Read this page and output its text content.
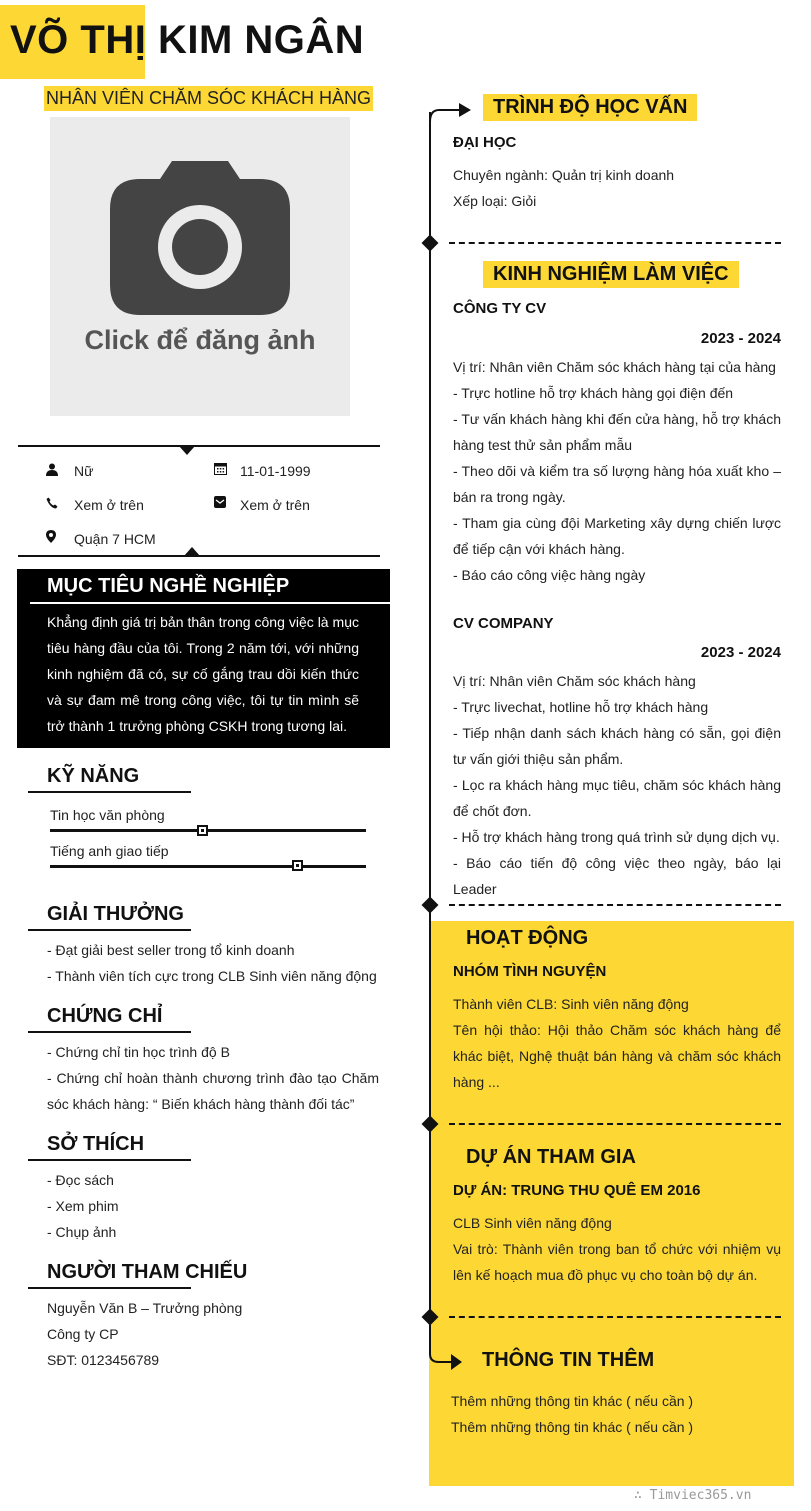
VÕ THỊ KIM NGÂN
NHÂN VIÊN CHĂM SÓC KHÁCH HÀNG
Click để đăng ảnh
Nữ	11-01-1999
Xem ở trên	Xem ở trên
Quận 7 HCM
MỤC TIÊU NGHỀ NGHIỆP
Khẳng định giá trị bản thân trong công việc là mục tiêu hàng đầu của tôi. Trong 2 năm tới, với những kinh nghiệm đã có, sự cố gắng trau dồi kiến thức và sự đam mê trong công việc, tôi tự tin mình sẽ trở thành 1 trưởng phòng CSKH trong tương lai.
KỸ NĂNG
Tin học văn phòng
Tiếng anh giao tiếp
GIẢI THƯỞNG
- Đạt giải best seller trong tổ kinh doanh
- Thành viên tích cực trong CLB Sinh viên năng động
CHỨNG CHỈ
- Chứng chỉ tin học trình độ B
- Chứng chỉ hoàn thành chương trình đào tạo Chăm sóc khách hàng: “ Biến khách hàng thành đối tác”
SỞ THÍCH
- Đọc sách
- Xem phim
- Chụp ảnh
NGƯỜI THAM CHIẾU
Nguyễn Văn B – Trưởng phòng
Công ty CP
SĐT: 0123456789
TRÌNH ĐỘ HỌC VẤN
ĐẠI HỌC
Chuyên ngành: Quản trị kinh doanh
Xếp loại: Giỏi
KINH NGHIỆM LÀM VIỆC
CÔNG TY CV
2023 - 2024
Vị trí: Nhân viên Chăm sóc khách hàng tại của hàng
- Trực hotline hỗ trợ khách hàng gọi điện đến
- Tư vấn khách hàng khi đến cửa hàng, hỗ trợ khách hàng test thử sản phẩm mẫu
- Theo dõi và kiểm tra số lượng hàng hóa xuất kho – bán ra trong ngày.
- Tham gia cùng đội Marketing xây dựng chiến lược để tiếp cận với khách hàng.
- Báo cáo công việc hàng ngày
CV COMPANY
2023 - 2024
Vị trí: Nhân viên Chăm sóc khách hàng
- Trực livechat, hotline hỗ trợ khách hàng
- Tiếp nhận danh sách khách hàng có sẵn, gọi điện tư vấn giới thiệu sản phẩm.
- Lọc ra khách hàng mục tiêu, chăm sóc khách hàng để chốt đơn.
- Hỗ trợ khách hàng trong quá trình sử dụng dịch vụ.
- Báo cáo tiến độ công việc theo ngày, báo lại Leader
HOẠT ĐỘNG
NHÓM TÌNH NGUYỆN
Thành viên CLB: Sinh viên năng động
Tên hội thảo: Hội thảo Chăm sóc khách hàng để khác biệt, Nghệ thuật bán hàng và chăm sóc khách hàng ...
DỰ ÁN THAM GIA
DỰ ÁN: TRUNG THU QUÊ EM 2016
CLB Sinh viên năng động
Vai trò: Thành viên trong ban tổ chức với nhiệm vụ lên kế hoạch mua đồ phục vụ cho toàn bộ dự án.
THÔNG TIN THÊM
Thêm những thông tin khác ( nếu cần )
Thêm những thông tin khác ( nếu cần )
∴ Timviec365.vn
